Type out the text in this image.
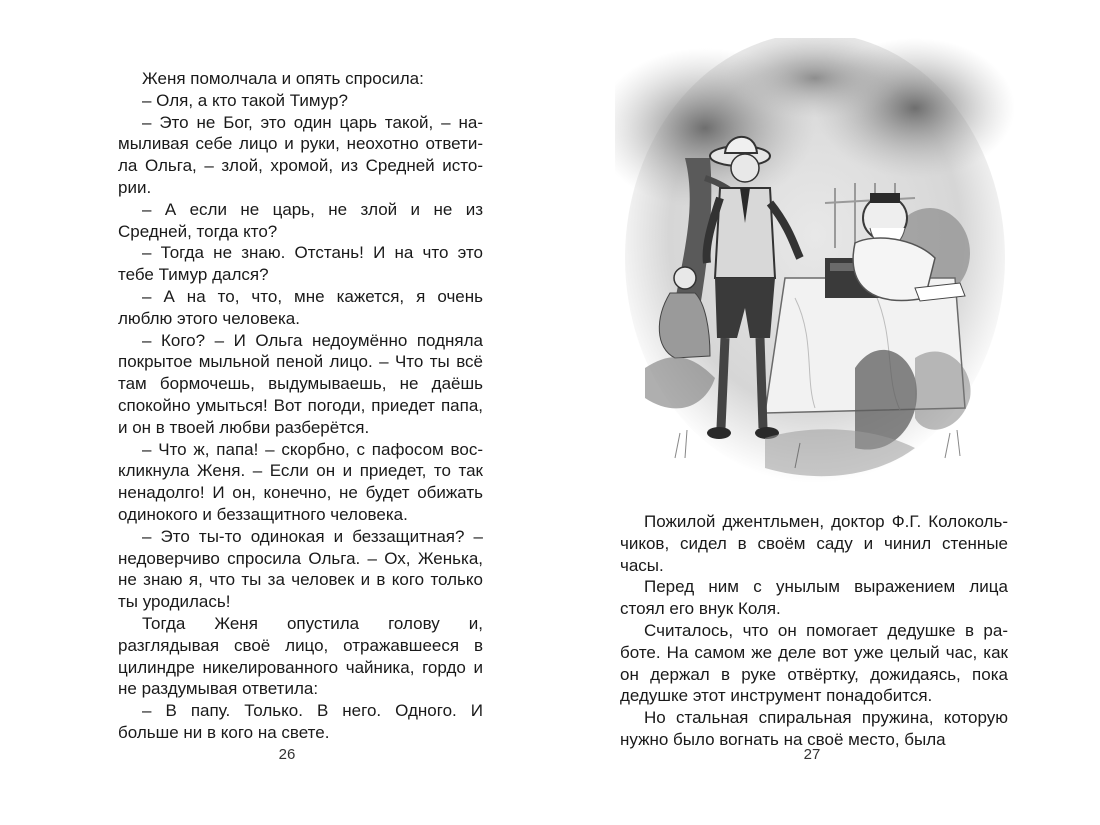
Женя помолчала и опять спросила:

– Оля, а кто такой Тимур?

– Это не Бог, это один царь такой, – намыливая себе лицо и руки, неохотно ответила Ольга, – злой, хромой, из Средней истории.

– А если не царь, не злой и не из Средней, тогда кто?

– Тогда не знаю. Отстань! И на что это тебе Тимур дался?

– А на то, что, мне кажется, я очень люблю этого человека.

– Кого? – И Ольга недоумённо подняла покрытое мыльной пеной лицо. – Что ты всё там бормочешь, выдумываешь, не даёшь спокойно умыться! Вот погоди, приедет папа, и он в твоей любви разберётся.

– Что ж, папа! – скорбно, с пафосом воскликнула Женя. – Если он и приедет, то так ненадолго! И он, конечно, не будет обижать одинокого и беззащитного человека.

– Это ты-то одинокая и беззащитная? – недоверчиво спросила Ольга. – Ох, Женька, не знаю я, что ты за человек и в кого только ты уродилась!

Тогда Женя опустила голову и, разглядывая своё лицо, отражавшееся в цилиндре никелированного чайника, гордо и не раздумывая ответила:

– В папу. Только. В него. Одного. И больше ни в кого на свете.

26

Пожилой джентльмен, доктор Ф.Г. Колокольчиков, сидел в своём саду и чинил стенные часы.

Перед ним с унылым выражением лица стоял его внук Коля.

Считалось, что он помогает дедушке в работе. На самом же деле вот уже целый час, как он держал в руке отвёртку, дожидаясь, пока дедушке этот инструмент понадобится.

Но стальная спиральная пружина, которую нужно было вогнать на своё место, была

27
